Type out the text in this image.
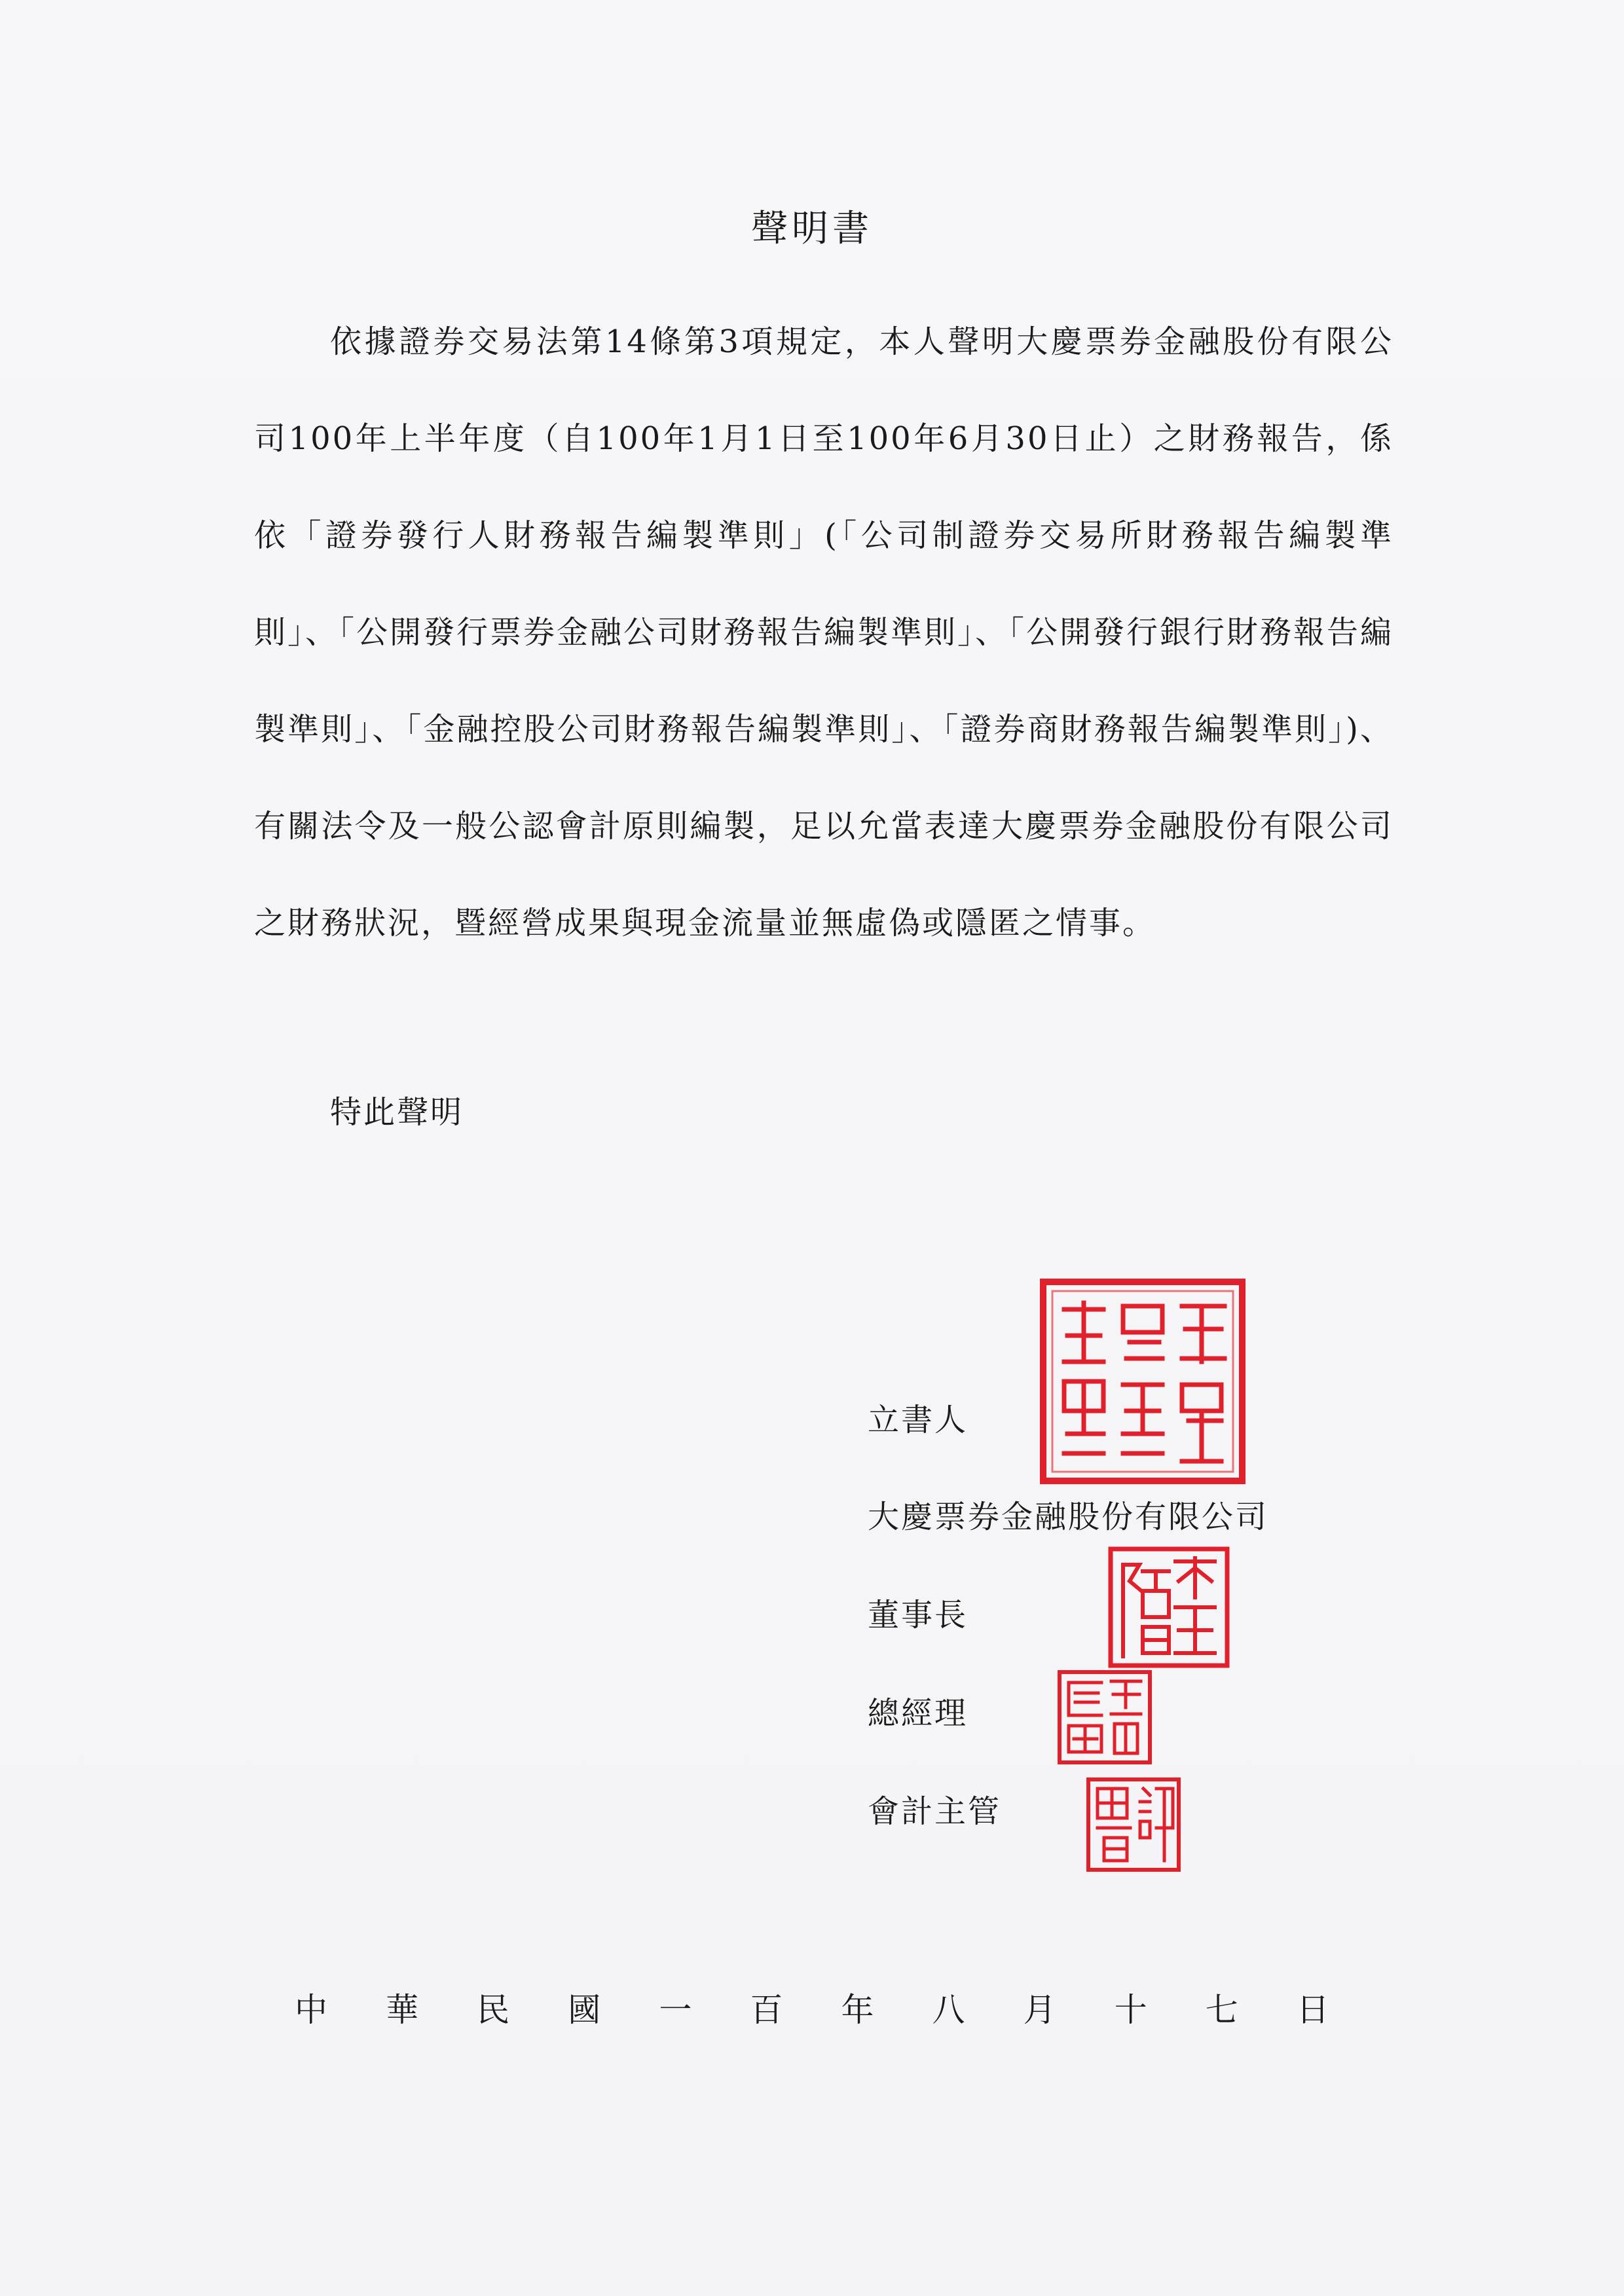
聲明書

依據證券交易法第14條第3項規定，本人聲明大慶票券金融股份有限公司100年上半年度（自100年1月1日至100年6月30日止）之財務報告，係依「證券發行人財務報告編製準則」(「公司制證券交易所財務報告編製準則」、「公開發行票券金融公司財務報告編製準則」、「公開發行銀行財務報告編製準則」、「金融控股公司財務報告編製準則」、「證券商財務報告編製準則」)、有關法令及一般公認會計原則編製，足以允當表達大慶票券金融股份有限公司之財務狀況，暨經營成果與現金流量並無虛偽或隱匿之情事。

特此聲明
立書人
大慶票券金融股份有限公司
董事長
總經理
會計主管
中 華 民 國 一 百 年 八 月 十 七 日
